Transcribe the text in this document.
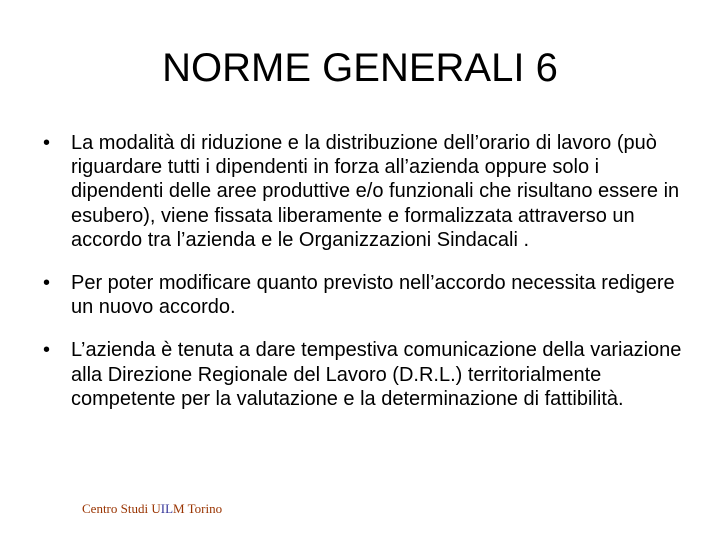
NORME GENERALI 6
•	La modalità di riduzione e la distribuzione dell’orario di lavoro (può riguardare tutti i dipendenti in forza all’azienda oppure solo i dipendenti delle aree produttive e/o funzionali che risultano essere in esubero), viene fissata liberamente e formalizzata attraverso un accordo tra l’azienda e le Organizzazioni Sindacali .
•	Per poter modificare quanto previsto nell’accordo necessita redigere un nuovo accordo.
•	L’azienda è tenuta a dare tempestiva comunicazione della variazione alla Direzione Regionale del Lavoro (D.R.L.) territorialmente competente per la valutazione e la determinazione di fattibilità.
Centro Studi UILM Torino
